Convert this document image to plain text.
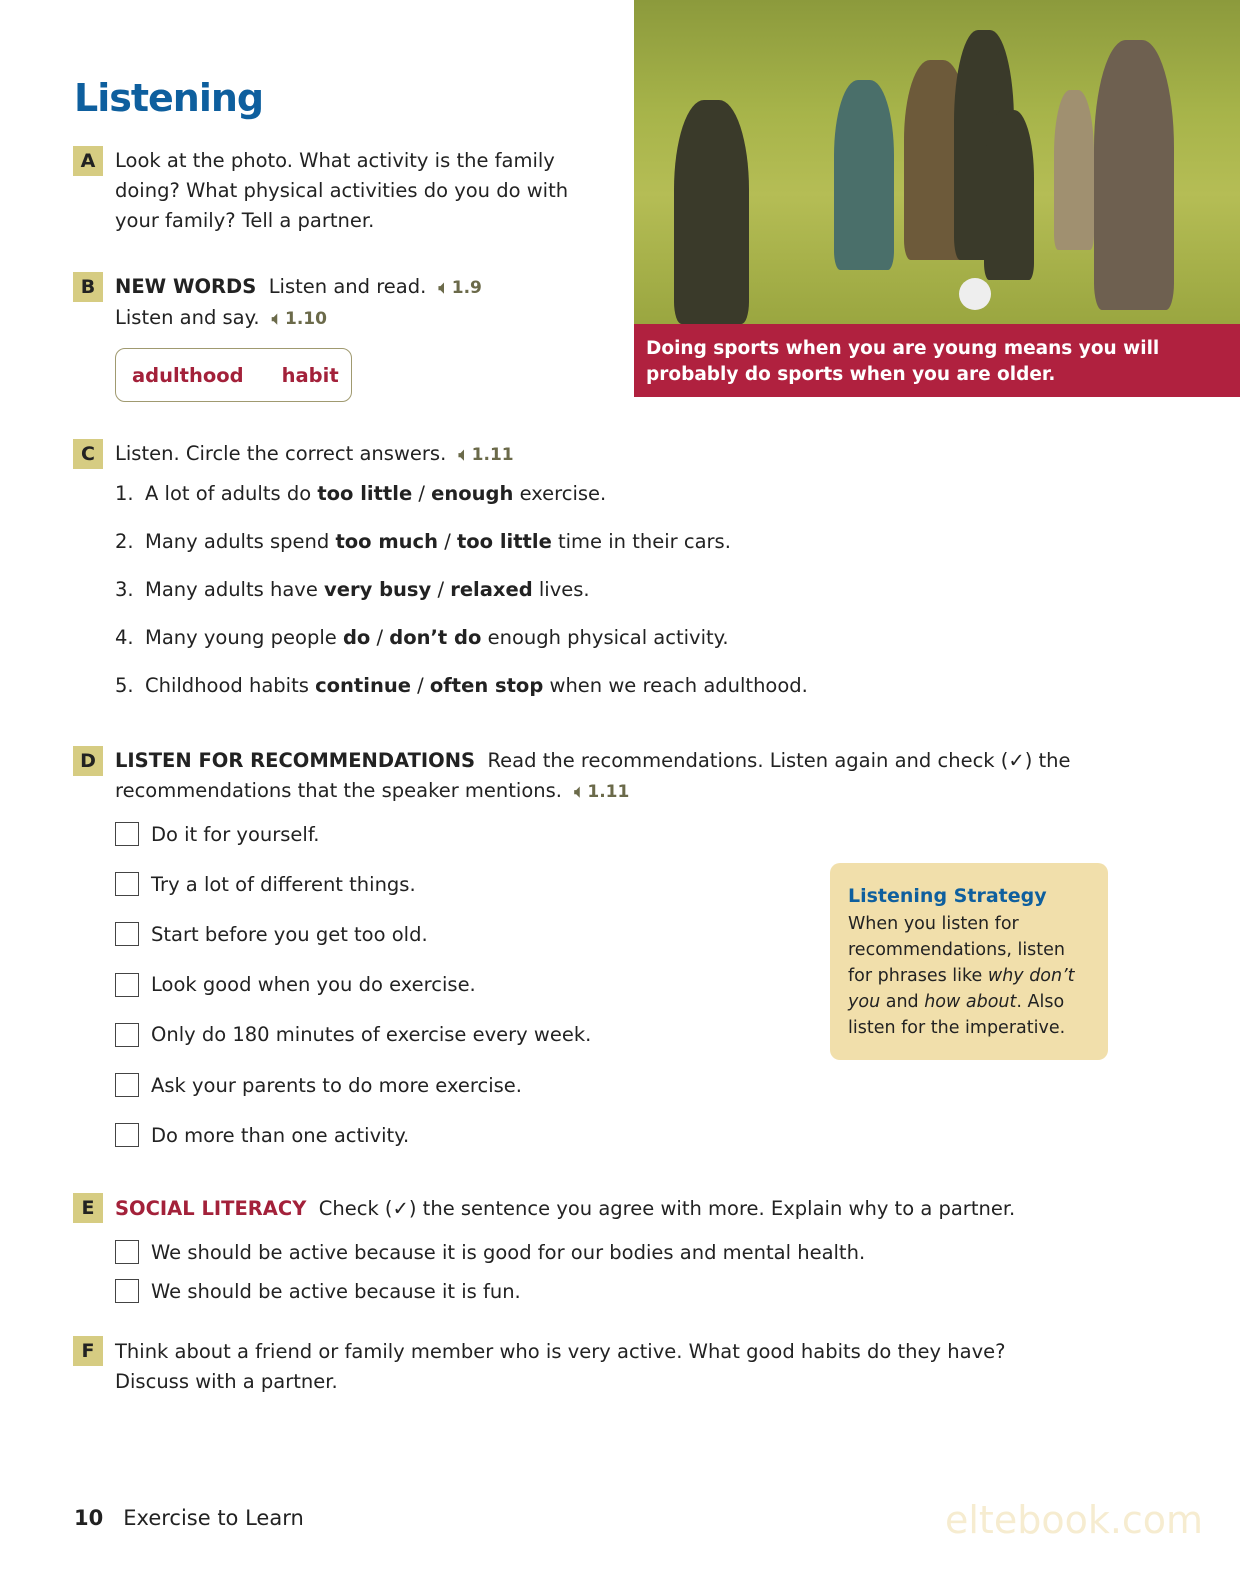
Listening
Doing sports when you are young means you will probably do sports when you are older.
A	Look at the photo. What activity is the family doing? What physical activities do you do with your family? Tell a partner.
B	NEW WORDS Listen and read. 🔈︎ 1.9
Listen and say. 🔈︎ 1.10
adulthood habit
C	Listen. Circle the correct answers. 🔈︎ 1.11
1. A lot of adults do too little / enough exercise.
2. Many adults spend too much / too little time in their cars.
3. Many adults have very busy / relaxed lives.
4. Many young people do / don’t do enough physical activity.
5. Childhood habits continue / often stop when we reach adulthood.
D LISTEN FOR RECOMMENDATIONS Read the recommendations. Listen again and check (✓) the
recommendations that the speaker mentions. 🔈︎ 1.11
Do it for yourself.
Try a lot of different things.
Start before you get too old.
Look good when you do exercise.
Only do 180 minutes of exercise every week.
Ask your parents to do more exercise.
Do more than one activity.
Listening Strategy

When you listen for recommendations, listen for phrases like why don’t you and how about. Also listen for the imperative.

E	SOCIAL LITERACY Check (✓) the sentence you agree with more. Explain why to a partner.
We should be active because it is good for our bodies and mental health.
We should be active because it is fun.
F	Think about a friend or family member who is very active. What good habits do they have?
Discuss with a partner.
10 Exercise to Learn	eltebook.com
